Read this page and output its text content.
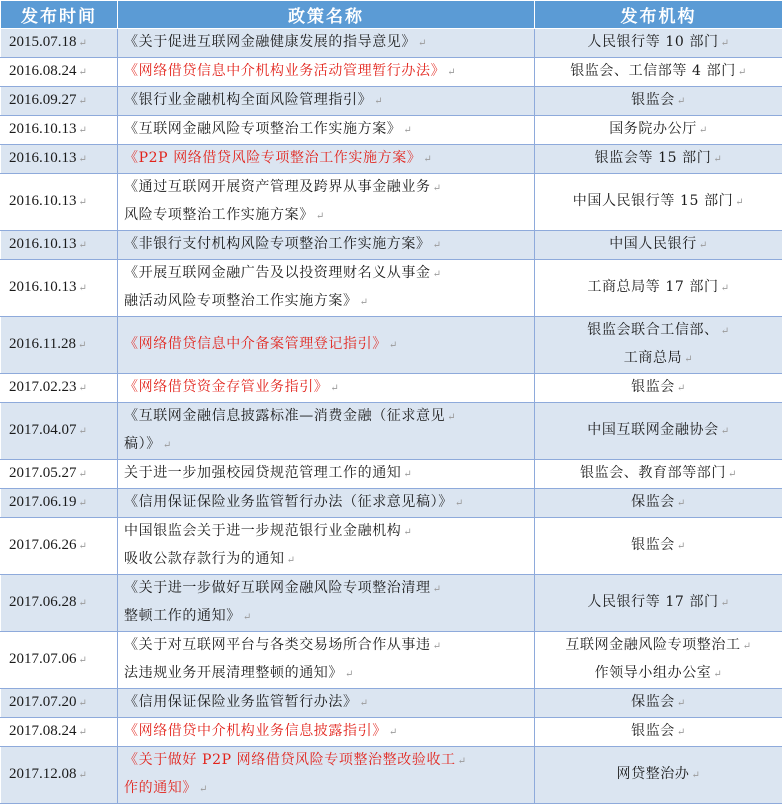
发布时间	政策名称	发布机构
2015.07.18 ↵	《关于促进互联网金融健康发展的指导意见》 ↵	人民银行等 10 部门 ↵

2016.08.24 ↵	《网络借贷信息中介机构业务活动管理暂行办法》 ↵	银监会、工信部等 4 部门 ↵

2016.09.27 ↵	《银行业金融机构全面风险管理指引》 ↵	银监会 ↵

2016.10.13 ↵	《互联网金融风险专项整治工作实施方案》 ↵	国务院办公厅 ↵

2016.10.13 ↵	《P2P 网络借贷风险专项整治工作实施方案》 ↵	银监会等 15 部门 ↵

2016.10.13 ↵	《通过互联网开展资产管理及跨界从事金融业务 ↵
风险专项整治工作实施方案》 ↵	中国人民银行等 15 部门 ↵

2016.10.13 ↵	《非银行支付机构风险专项整治工作实施方案》 ↵	中国人民银行 ↵

2016.10.13 ↵	《开展互联网金融广告及以投资理财名义从事金 ↵
融活动风险专项整治工作实施方案》 ↵	工商总局等 17 部门 ↵

2016.11.28 ↵	《网络借贷信息中介备案管理登记指引》 ↵	银监会联合工信部、 ↵
工商总局 ↵

2017.02.23 ↵	《网络借贷资金存管业务指引》 ↵	银监会 ↵

2017.04.07 ↵	《互联网金融信息披露标准—消费金融（征求意见 ↵
稿）》 ↵	中国互联网金融协会 ↵

2017.05.27 ↵	关于进一步加强校园贷规范管理工作的通知 ↵	银监会、教育部等部门 ↵

2017.06.19 ↵	《信用保证保险业务监管暂行办法（征求意见稿）》 ↵	保监会 ↵

2017.06.26 ↵	中国银监会关于进一步规范银行业金融机构 ↵
吸收公款存款行为的通知 ↵	银监会 ↵

2017.06.28 ↵	《关于进一步做好互联网金融风险专项整治清理 ↵
整顿工作的通知》 ↵	人民银行等 17 部门 ↵

2017.07.06 ↵	《关于对互联网平台与各类交易场所合作从事违 ↵
法违规业务开展清理整顿的通知》 ↵	互联网金融风险专项整治工 ↵
作领导小组办公室 ↵

2017.07.20 ↵	《信用保证保险业务监管暂行办法》 ↵	保监会 ↵

2017.08.24 ↵	《网络借贷中介机构业务信息披露指引》 ↵	银监会 ↵

2017.12.08 ↵	《关于做好 P2P 网络借贷风险专项整治整改验收工 ↵
作的通知》 ↵	网贷整治办 ↵
